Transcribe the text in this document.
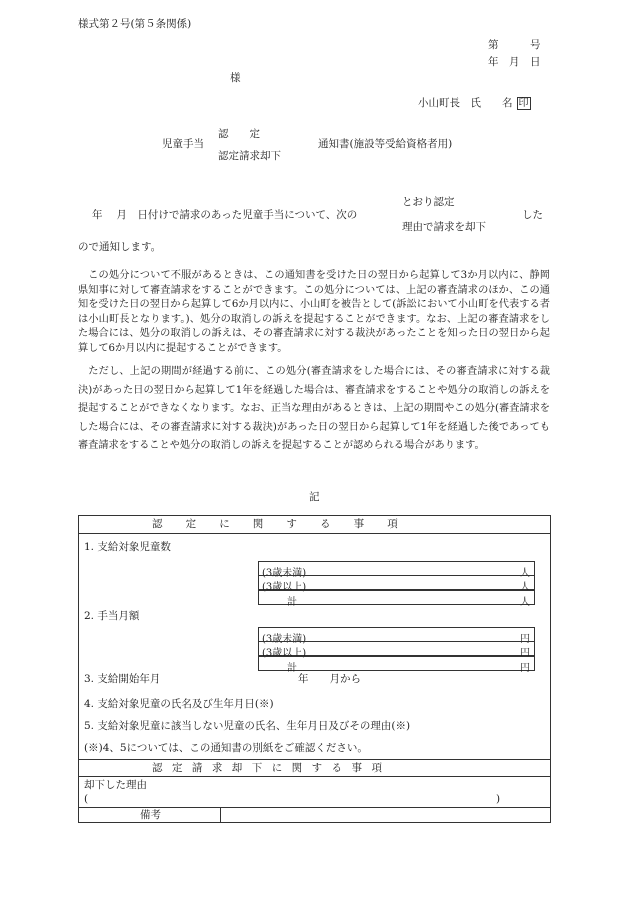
様式第２号(第５条関係)
第　　　号
年　月　日
様
小山町長　氏　　名 印
認　　定
児童手当	通知書(施設等受給資格者用)
認定請求却下
とおり認定
年　 月　日付けで請求のあった児童手当について、次の	した
理由で請求を却下
ので通知します。

この処分について不服があるときは、この通知書を受けた日の翌日から起算して3か月以内に、静岡県知事に対して審査請求をすることができます。この処分については、上記の審査請求のほか、この通知を受けた日の翌日から起算して6か月以内に、小山町を被告として(訴訟において小山町を代表する者は小山町長となります。)、処分の取消しの訴えを提起することができます。なお、上記の審査請求をした場合には、処分の取消しの訴えは、その審査請求に対する裁決があったことを知った日の翌日から起算して6か月以内に提起することができます。

ただし、上記の期間が経過する前に、この処分(審査請求をした場合には、その審査請求に対する裁決)があった日の翌日から起算して1年を経過した場合は、審査請求をすることや処分の取消しの訴えを提起することができなくなります。なお、正当な理由があるときは、上記の期間やこの処分(審査請求をした場合には、その審査請求に対する裁決)があった日の翌日から起算して1年を経過した後であっても審査請求をすることや処分の取消しの訴えを提起することが認められる場合があります。

記
認定に関する事項
1. 支給対象児童数
(3歳未満)	人
(3歳以上)	人
計	人
2. 手当月額
(3歳未満)	円
(3歳以上)	円
計	円
3. 支給開始年月	年　　月から
4. 支給対象児童の氏名及び生年月日(※)
5. 支給対象児童に該当しない児童の氏名、生年月日及びその理由(※)
(※)4、5については、この通知書の別紙をご確認ください。
認定請求却下に関する事項
却下した理由
(	)
備考
